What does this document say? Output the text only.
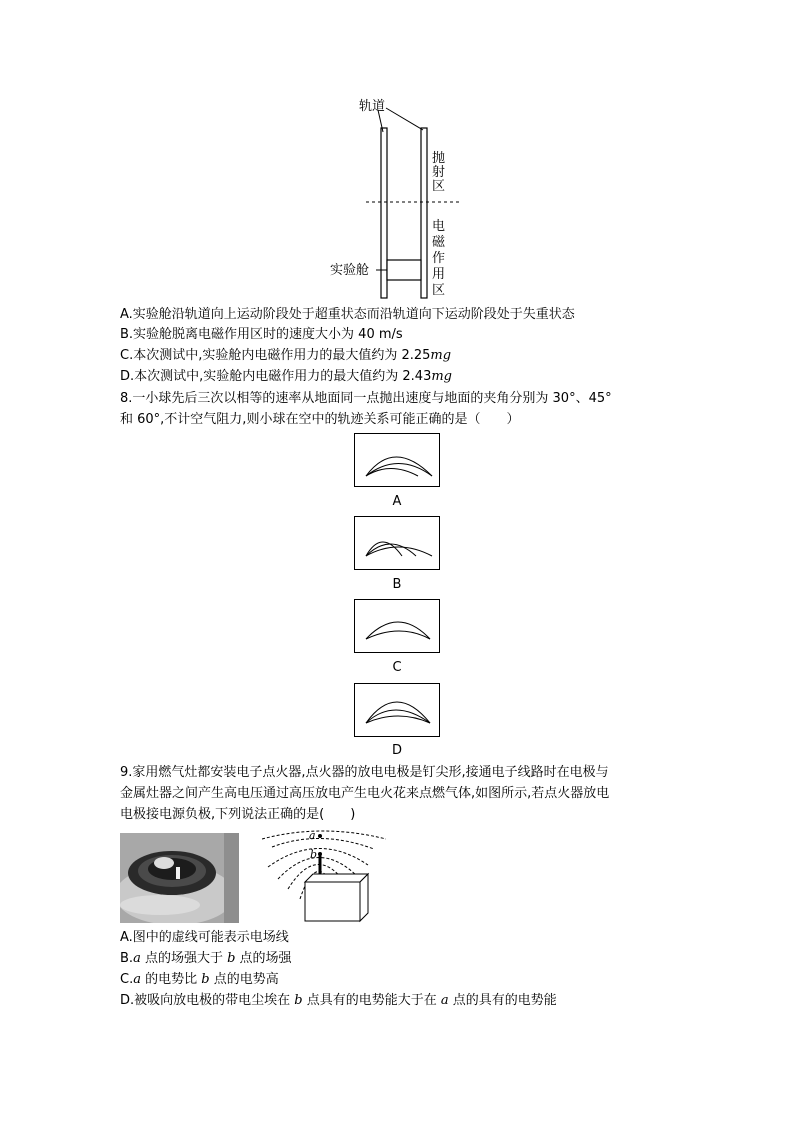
轨道
实验舱
抛
射
区
电
磁
作
用
区
A.实验舱沿轨道向上运动阶段处于超重状态而沿轨道向下运动阶段处于失重状态
B.实验舱脱离电磁作用区时的速度大小为 40 m/s
C.本次测试中,实验舱内电磁作用力的最大值约为 2.25mg
D.本次测试中,实验舱内电磁作用力的最大值约为 2.43mg
8.一小球先后三次以相等的速率从地面同一点抛出速度与地面的夹角分别为 30°、45°
和 60°,不计空气阻力,则小球在空中的轨迹关系可能正确的是（　　）
A
B
C
D
9.家用燃气灶都安装电子点火器,点火器的放电电极是钉尖形,接通电子线路时在电极与
金属灶器之间产生高电压通过高压放电产生电火花来点燃气体,如图所示,若点火器放电
电极接电源负极,下列说法正确的是(　　)
a
b
A.图中的虚线可能表示电场线
B.a 点的场强大于 b 点的场强
C.a 的电势比 b 点的电势高
D.被吸向放电极的带电尘埃在 b 点具有的电势能大于在 a 点的具有的电势能
